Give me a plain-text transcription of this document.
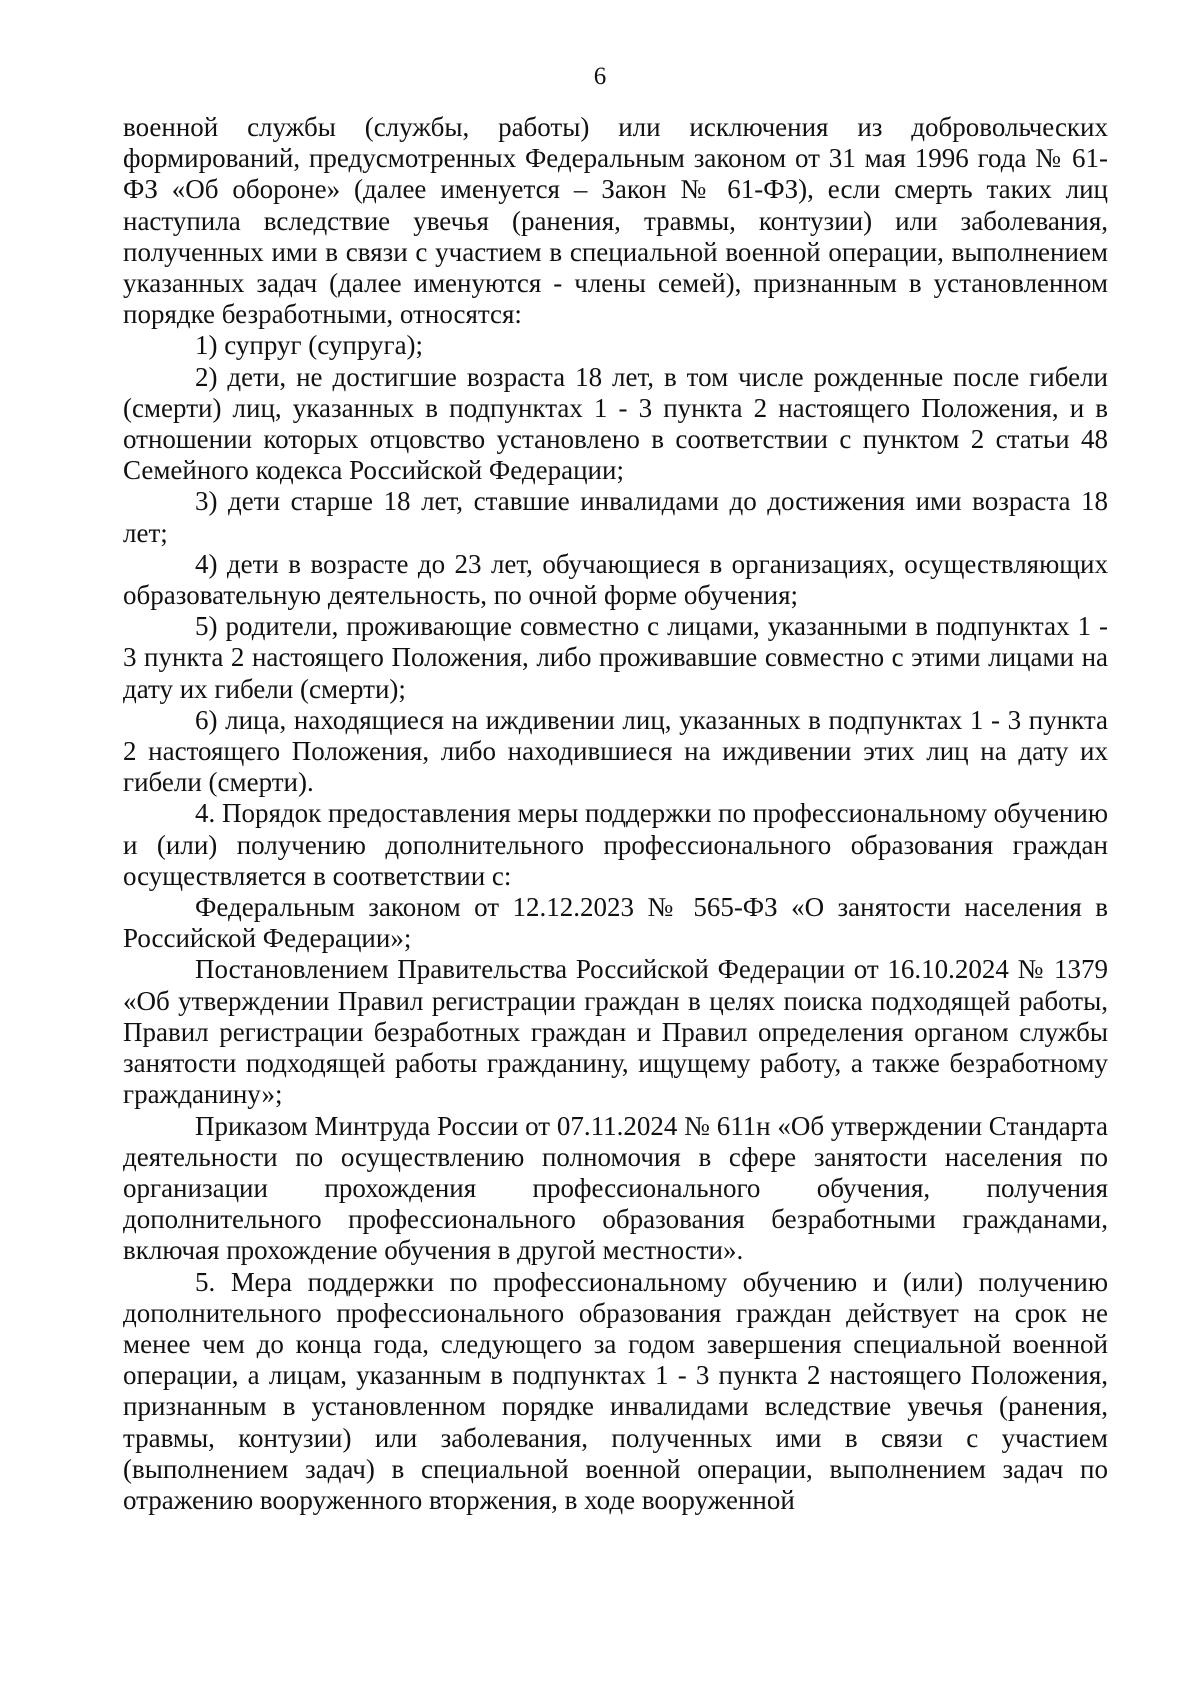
6

военной службы (службы, работы) или исключения из добровольческих формирований, предусмотренных Федеральным законом от 31 мая 1996 года № 61-ФЗ «Об обороне» (далее именуется – Закон № 61-ФЗ), если смерть таких лиц наступила вследствие увечья (ранения, травмы, контузии) или заболевания, полученных ими в связи с участием в специальной военной операции, выполнением указанных задач (далее именуются - члены семей), признанным в установленном порядке безработными, относятся:

1) супруг (супруга);

2) дети, не достигшие возраста 18 лет, в том числе рожденные после гибели (смерти) лиц, указанных в подпунктах 1 - 3 пункта 2 настоящего Положения, и в отношении которых отцовство установлено в соответствии с пунктом 2 статьи 48 Семейного кодекса Российской Федерации;

3) дети старше 18 лет, ставшие инвалидами до достижения ими возраста 18 лет;

4) дети в возрасте до 23 лет, обучающиеся в организациях, осуществляющих образовательную деятельность, по очной форме обучения;

5) родители, проживающие совместно с лицами, указанными в подпунктах 1 - 3 пункта 2 настоящего Положения, либо проживавшие совместно с этими лицами на дату их гибели (смерти);

6) лица, находящиеся на иждивении лиц, указанных в подпунктах 1 - 3 пункта 2 настоящего Положения, либо находившиеся на иждивении этих лиц на дату их гибели (смерти).

4. Порядок предоставления меры поддержки по профессиональному обучению и (или) получению дополнительного профессионального образования граждан осуществляется в соответствии с:

Федеральным законом от 12.12.2023 № 565-ФЗ «О занятости населения в Российской Федерации»;

Постановлением Правительства Российской Федерации от 16.10.2024 № 1379 «Об утверждении Правил регистрации граждан в целях поиска подходящей работы, Правил регистрации безработных граждан и Правил определения органом службы занятости подходящей работы гражданину, ищущему работу, а также безработному гражданину»;

Приказом Минтруда России от 07.11.2024 № 611н «Об утверждении Стандарта деятельности по осуществлению полномочия в сфере занятости населения по организации прохождения профессионального обучения, получения дополнительного профессионального образования безработными гражданами, включая прохождение обучения в другой местности».

5. Мера поддержки по профессиональному обучению и (или) получению дополнительного профессионального образования граждан действует на срок не менее чем до конца года, следующего за годом завершения специальной военной операции, а лицам, указанным в подпунктах 1 - 3 пункта 2 настоящего Положения, признанным в установленном порядке инвалидами вследствие увечья (ранения, травмы, контузии) или заболевания, полученных ими в связи с участием (выполнением задач) в специальной военной операции, выполнением задач по отражению вооруженного вторжения, в ходе вооруженной
